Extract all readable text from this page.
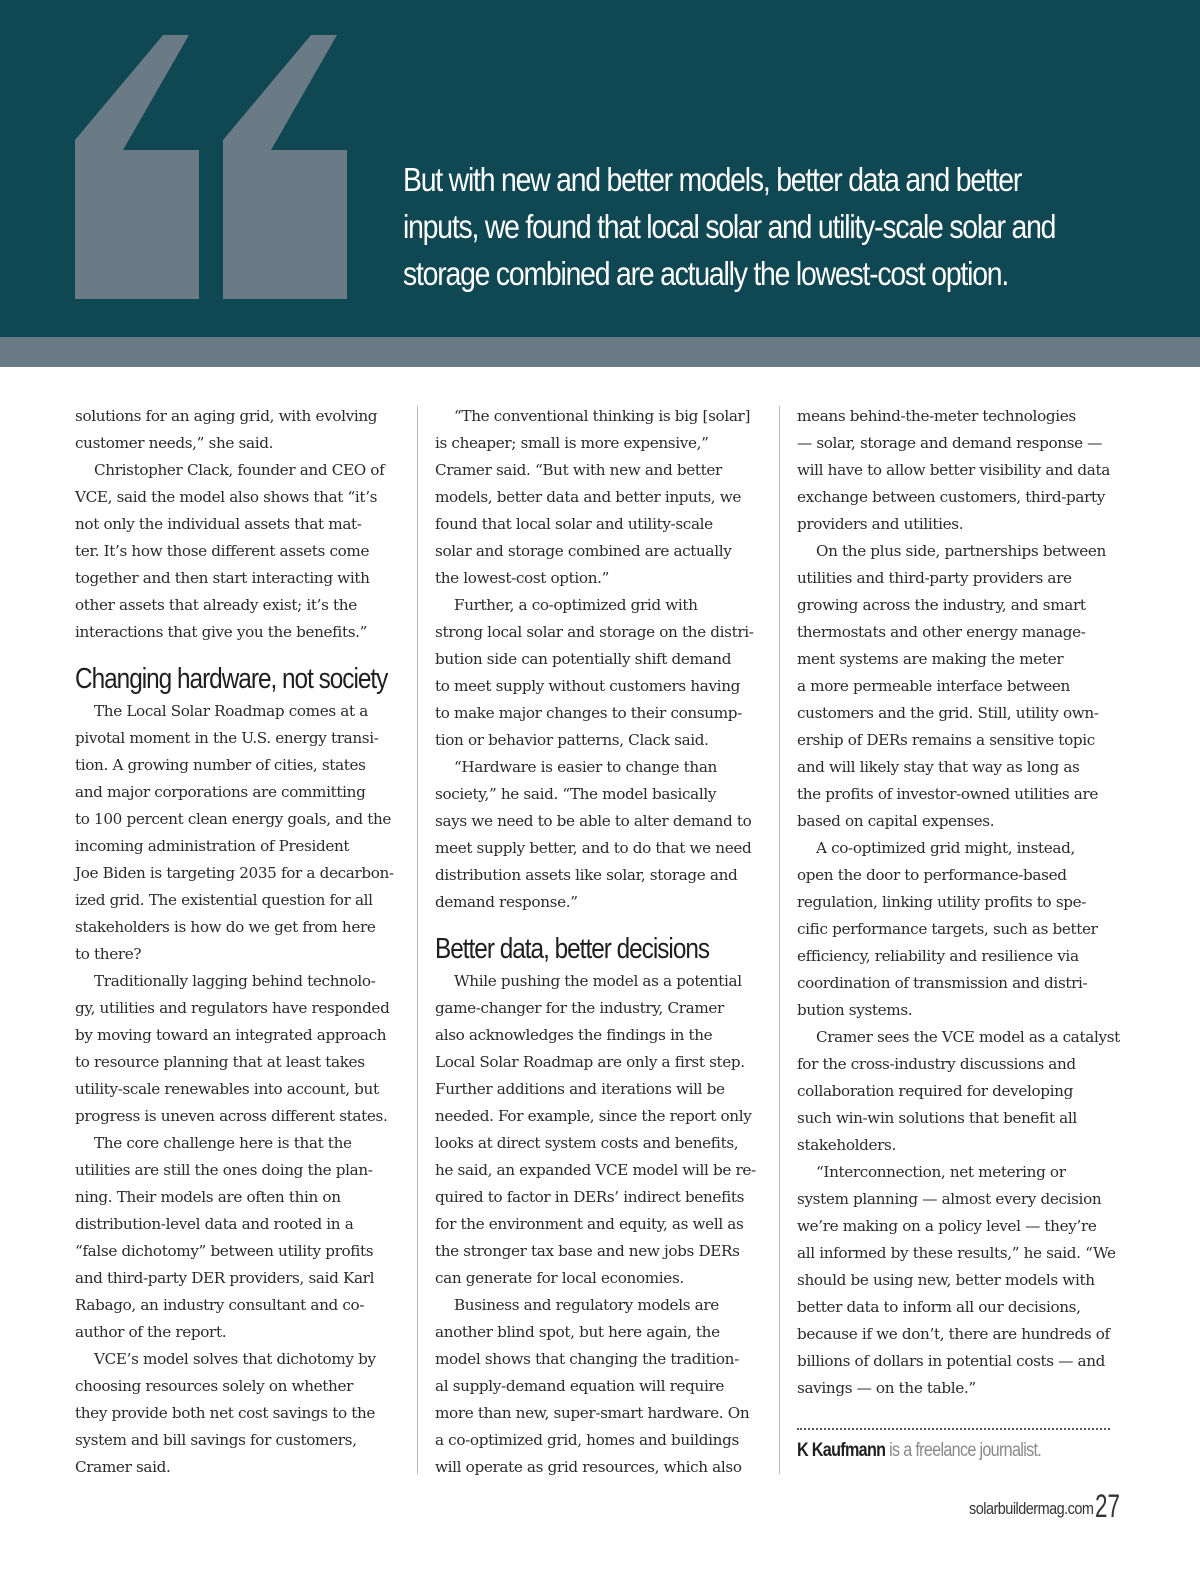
But with new and better models, better data and better
inputs, we found that local solar and utility-scale solar and
storage combined are actually the lowest-cost option.
solutions for an aging grid, with evolving
customer needs,” she said.
Christopher Clack, founder and CEO of
VCE, said the model also shows that “it’s
not only the individual assets that mat-
ter. It’s how those different assets come
together and then start interacting with
other assets that already exist; it’s the
interactions that give you the benefits.”
Changing hardware, not society
The Local Solar Roadmap comes at a
pivotal moment in the U.S. energy transi-
tion. A growing number of cities, states
and major corporations are committing
to 100 percent clean energy goals, and the
incoming administration of President
Joe Biden is targeting 2035 for a decarbon-
ized grid. The existential question for all
stakeholders is how do we get from here
to there?
Traditionally lagging behind technolo-
gy, utilities and regulators have responded
by moving toward an integrated approach
to resource planning that at least takes
utility-scale renewables into account, but
progress is uneven across different states.
The core challenge here is that the
utilities are still the ones doing the plan-
ning. Their models are often thin on
distribution-level data and rooted in a
“false dichotomy” between utility profits
and third-party DER providers, said Karl
Rabago, an industry consultant and co-
author of the report.
VCE’s model solves that dichotomy by
choosing resources solely on whether
they provide both net cost savings to the
system and bill savings for customers,
Cramer said.
“The conventional thinking is big [solar]
is cheaper; small is more expensive,”
Cramer said. “But with new and better
models, better data and better inputs, we
found that local solar and utility-scale
solar and storage combined are actually
the lowest-cost option.”
Further, a co-optimized grid with
strong local solar and storage on the distri-
bution side can potentially shift demand
to meet supply without customers having
to make major changes to their consump-
tion or behavior patterns, Clack said.
“Hardware is easier to change than
society,” he said. “The model basically
says we need to be able to alter demand to
meet supply better, and to do that we need
distribution assets like solar, storage and
demand response.”
Better data, better decisions
While pushing the model as a potential
game-changer for the industry, Cramer
also acknowledges the findings in the
Local Solar Roadmap are only a first step.
Further additions and iterations will be
needed. For example, since the report only
looks at direct system costs and benefits,
he said, an expanded VCE model will be re-
quired to factor in DERs’ indirect benefits
for the environment and equity, as well as
the stronger tax base and new jobs DERs
can generate for local economies.
Business and regulatory models are
another blind spot, but here again, the
model shows that changing the tradition-
al supply-demand equation will require
more than new, super-smart hardware. On
a co-optimized grid, homes and buildings
will operate as grid resources, which also
means behind-the-meter technologies
— solar, storage and demand response —
will have to allow better visibility and data
exchange between customers, third-party
providers and utilities.
On the plus side, partnerships between
utilities and third-party providers are
growing across the industry, and smart
thermostats and other energy manage-
ment systems are making the meter
a more permeable interface between
customers and the grid. Still, utility own-
ership of DERs remains a sensitive topic
and will likely stay that way as long as
the profits of investor-owned utilities are
based on capital expenses.
A co-optimized grid might, instead,
open the door to performance-based
regulation, linking utility profits to spe-
cific performance targets, such as better
efficiency, reliability and resilience via
coordination of transmission and distri-
bution systems.
Cramer sees the VCE model as a catalyst
for the cross-industry discussions and
collaboration required for developing
such win-win solutions that benefit all
stakeholders.
“Interconnection, net metering or
system planning — almost every decision
we’re making on a policy level — they’re
all informed by these results,” he said. “We
should be using new, better models with
better data to inform all our decisions,
because if we don’t, there are hundreds of
billions of dollars in potential costs — and
savings — on the table.”
K Kaufmann is a freelance journalist.
solarbuildermag.com 27
